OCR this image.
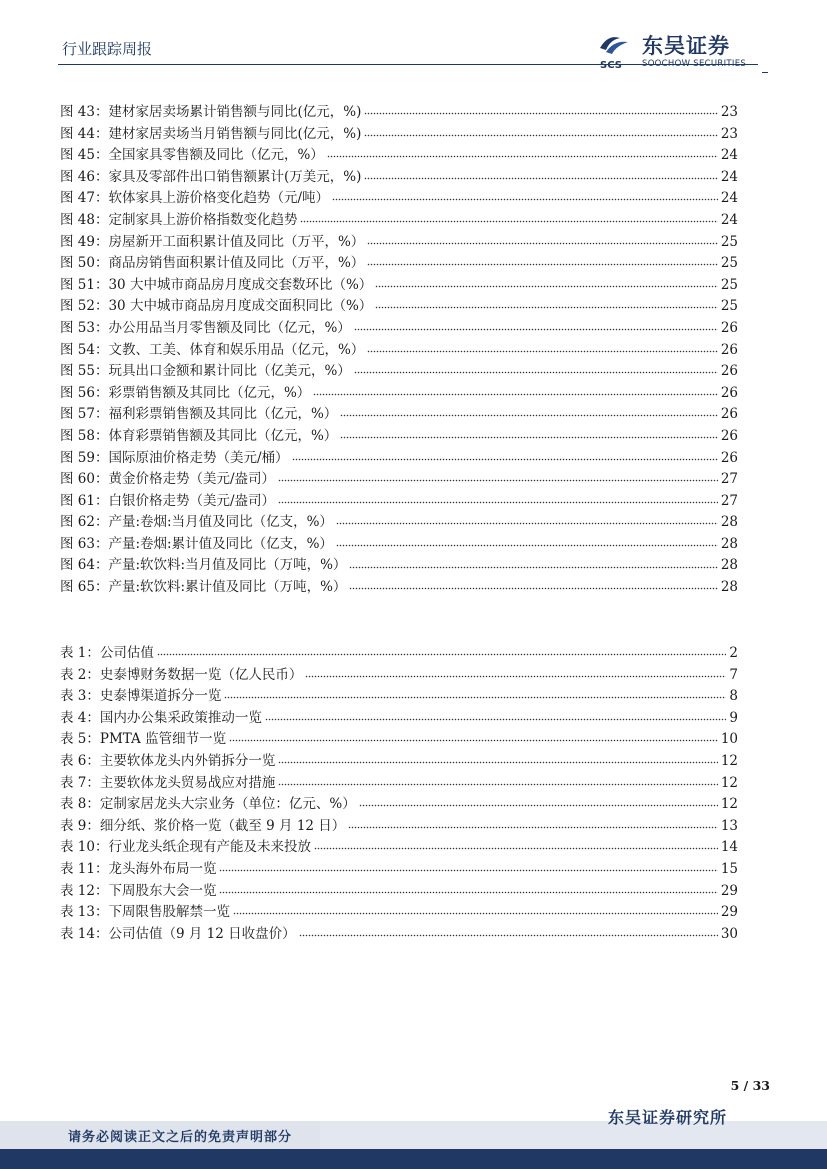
行业跟踪周报
SCS
东吴证券
SOOCHOW SECURITIES
图 43：建材家居卖场累计销售额与同比(亿元，%)	23
图 44：建材家居卖场当月销售额与同比(亿元，%)	23
图 45：全国家具零售额及同比（亿元，%）	24
图 46：家具及零部件出口销售额累计(万美元，%)	24
图 47：软体家具上游价格变化趋势（元/吨）	24
图 48：定制家具上游价格指数变化趋势	24
图 49：房屋新开工面积累计值及同比（万平，%）	25
图 50：商品房销售面积累计值及同比（万平，%）	25
图 51：30 大中城市商品房月度成交套数环比（%）	25
图 52：30 大中城市商品房月度成交面积同比（%）	25
图 53：办公用品当月零售额及同比（亿元，%）	26
图 54：文教、工美、体育和娱乐用品（亿元，%）	26
图 55：玩具出口金额和累计同比（亿美元，%）	26
图 56：彩票销售额及其同比（亿元，%）	26
图 57：福利彩票销售额及其同比（亿元，%）	26
图 58：体育彩票销售额及其同比（亿元，%）	26
图 59：国际原油价格走势（美元/桶）	26
图 60：黄金价格走势（美元/盎司）	27
图 61：白银价格走势（美元/盎司）	27
图 62：产量:卷烟:当月值及同比（亿支，%）	28
图 63：产量:卷烟:累计值及同比（亿支，%）	28
图 64：产量:软饮料:当月值及同比（万吨，%）	28
图 65：产量:软饮料:累计值及同比（万吨，%）	28
表 1：公司估值	2
表 2：史泰博财务数据一览（亿人民币）	7
表 3：史泰博渠道拆分一览	8
表 4：国内办公集采政策推动一览	9
表 5：PMTA 监管细节一览	10
表 6：主要软体龙头内外销拆分一览	12
表 7：主要软体龙头贸易战应对措施	12
表 8：定制家居龙头大宗业务（单位：亿元、%）	12
表 9：细分纸、浆价格一览（截至 9 月 12 日）	13
表 10：行业龙头纸企现有产能及未来投放	14
表 11：龙头海外布局一览	15
表 12：下周股东大会一览	29
表 13：下周限售股解禁一览	29
表 14：公司估值（9 月 12 日收盘价）	30
5 / 33
东吴证券研究所
请务必阅读正文之后的免责声明部分
